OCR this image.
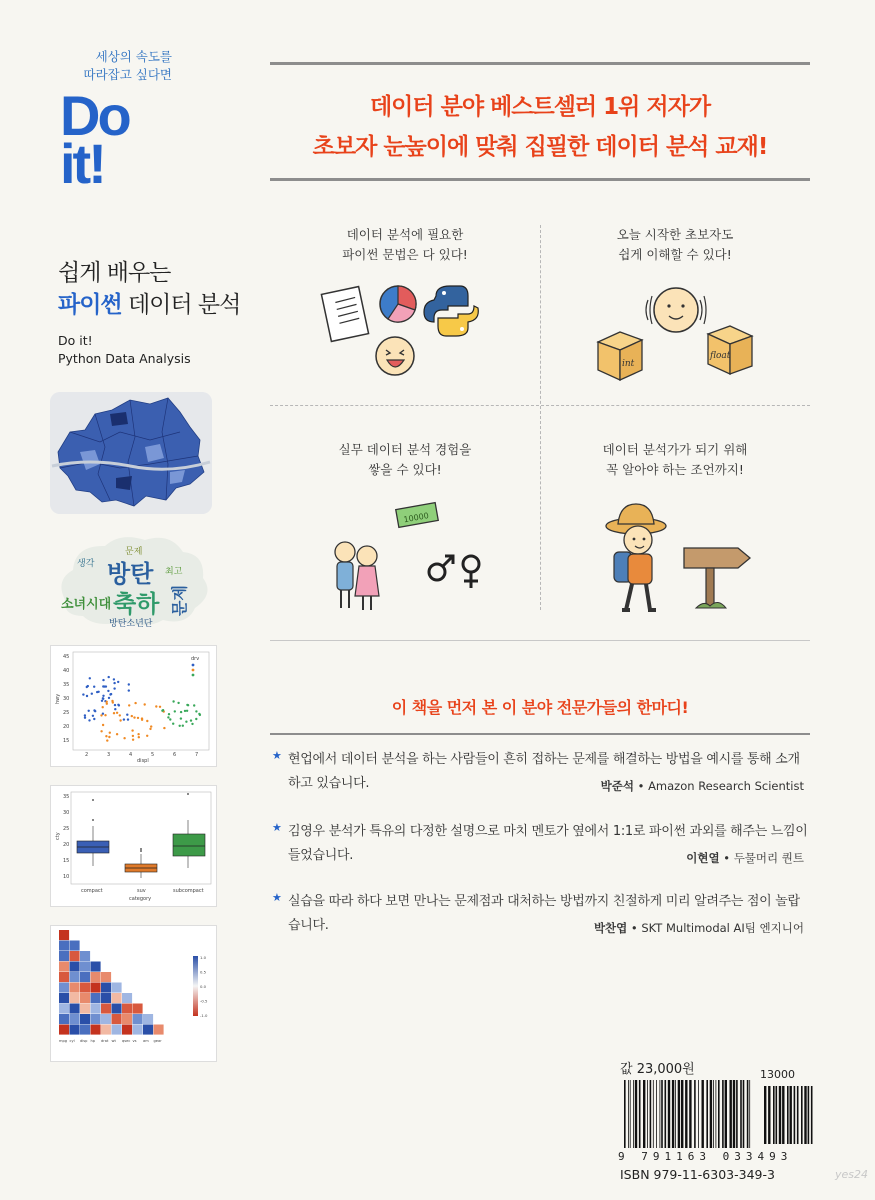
세상의 속도를
따라잡고 싶다면
Do
it!
쉽게 배우는
파이썬 데이터 분석
Do it!
Python Data Analysis
방탄
축하
소녀시대
방탄소년단
문제
생각
최고
문제
45
40
35
30
25
20
15
2	3	4	5	6	7
hwy
displ
drv
35
30
25
20
15
10
cty
compact	suv	subcompact
category
mpg cyl disp hp drat wt qsec vs am gear
1.0
0.5
0.0
-0.5
-1.0
데이터 분야 베스트셀러 1위 저자가
초보자 눈높이에 맞춰 집필한 데이터 분석 교재!
데이터 분석에 필요한
파이썬 문법은 다 있다!
오늘 시작한 초보자도
쉽게 이해할 수 있다!
int
float
실무 데이터 분석 경험을
쌓을 수 있다!
10000
데이터 분석가가 되기 위해
꼭 알아야 하는 조언까지!
이 책을 먼저 본 이 분야 전문가들의 한마디!
★ 현업에서 데이터 분석을 하는 사람들이 흔히 접하는 문제를 해결하는 방법을 예시를 통해 소개하고 있습니다.	박준석 • Amazon Research Scientist
★ 김영우 분석가 특유의 다정한 설명으로 마치 멘토가 옆에서 1:1로 파이썬 과외를 해주는 느낌이 들었습니다.	이현열 • 두물머리 퀀트
★ 실습을 따라 하다 보면 만나는 문제점과 대처하는 방법까지 친절하게 미리 알려주는 점이 놀랍습니다.	박찬엽 • SKT Multimodal AI팀 엔지니어
값 23,000원	13000
9 791163 033493
ISBN 979-11-6303-349-3	yes24
